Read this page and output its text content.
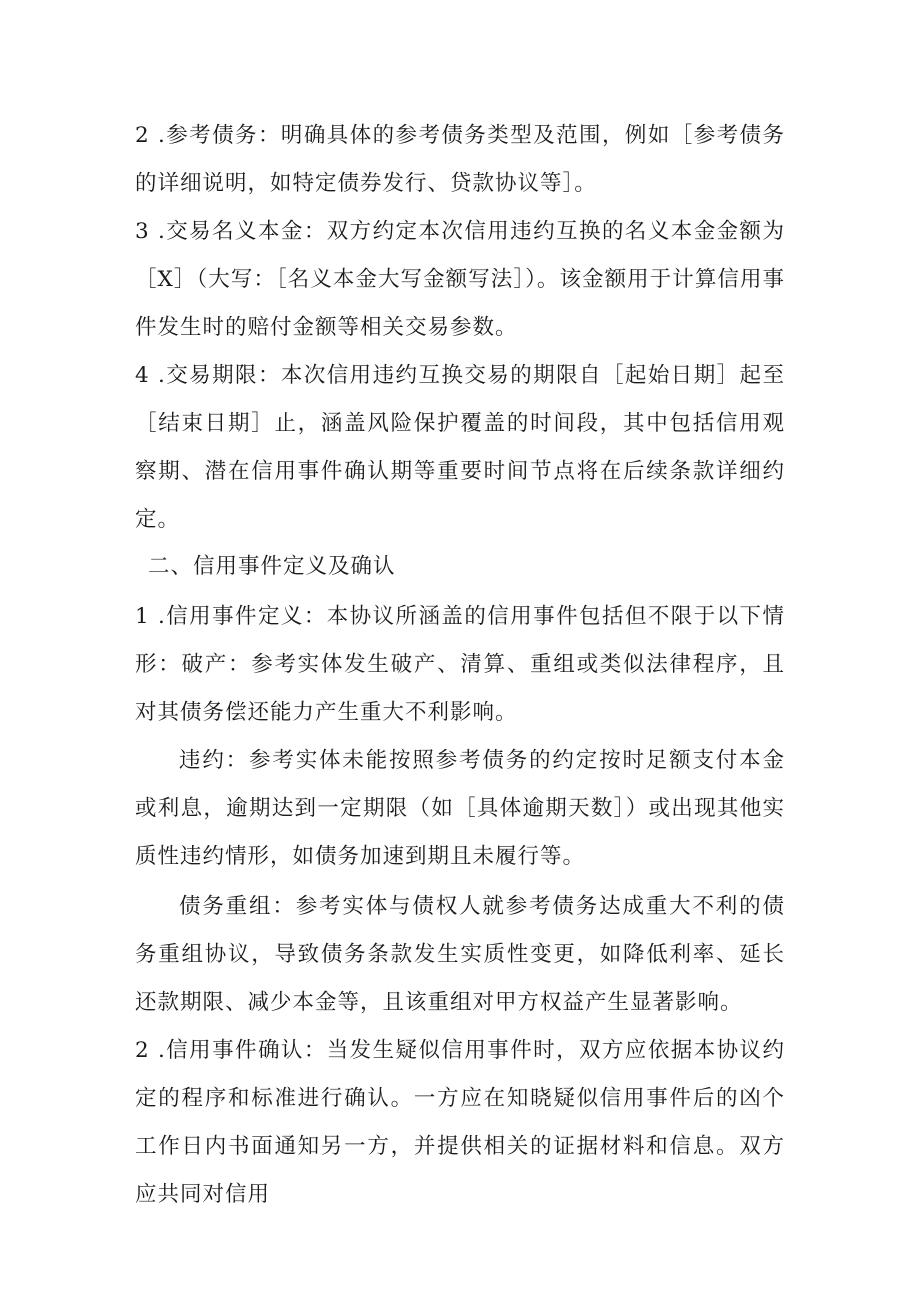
2 .参考债务：明确具体的参考债务类型及范围，例如［参考债务的详细说明，如特定债券发行、贷款协议等］。

3 .交易名义本金：双方约定本次信用违约互换的名义本金金额为［X］（大写：［名义本金大写金额写法］）。该金额用于计算信用事件发生时的赔付金额等相关交易参数。

4 .交易期限：本次信用违约互换交易的期限自［起始日期］起至［结束日期］止，涵盖风险保护覆盖的时间段，其中包括信用观察期、潜在信用事件确认期等重要时间节点将在后续条款详细约定。

二、信用事件定义及确认

1 .信用事件定义：本协议所涵盖的信用事件包括但不限于以下情形：破产：参考实体发生破产、清算、重组或类似法律程序，且对其债务偿还能力产生重大不利影响。

违约：参考实体未能按照参考债务的约定按时足额支付本金或利息，逾期达到一定期限（如［具体逾期天数］）或出现其他实质性违约情形，如债务加速到期且未履行等。

债务重组：参考实体与债权人就参考债务达成重大不利的债务重组协议，导致债务条款发生实质性变更，如降低利率、延长还款期限、减少本金等，且该重组对甲方权益产生显著影响。

2 .信用事件确认：当发生疑似信用事件时，双方应依据本协议约定的程序和标准进行确认。一方应在知晓疑似信用事件后的凶个工作日内书面通知另一方，并提供相关的证据材料和信息。双方应共同对信用
